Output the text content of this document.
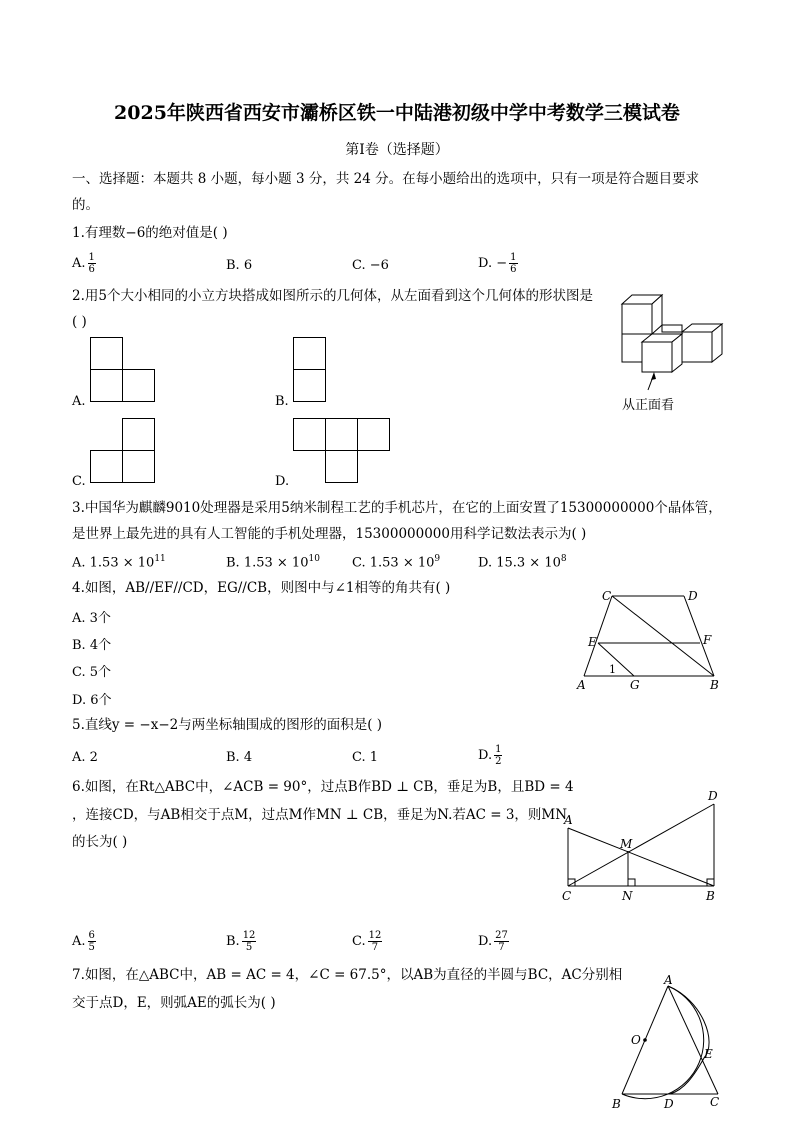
2025年陕西省西安市灞桥区铁一中陆港初级中学中考数学三模试卷
第I卷（选择题）
一、选择题：本题共 8 小题，每小题 3 分，共 24 分。在每小题给出的选项中，只有一项是符合题目要求
的。
1.有理数−6的绝对值是( )
A. $\frac{1}{6}$	B. 6	C. −6	D. − $\frac{1}{6}$
2.用5个大小相同的小立方块搭成如图所示的几何体，从左面看到这个几何体的形状图是
( )
A.	B.
C.	D.
从正面看
3.中国华为麒麟9010处理器是采用5纳米制程工艺的手机芯片，在它的上面安置了15300000000个晶体管，
是世界上最先进的具有人工智能的手机处理器，15300000000用科学记数法表示为( )
A. $1.53 \times 10^{11}$	B. $1.53 \times 10^{10}$ C. $1.53 \times 10^9$	D. $15.3 \times 10^8$
4.如图，AB//EF//CD，EG//CB，则图中与∠1相等的角共有( )
A. 3个
B. 4个
C. 5个
D. 6个
C	D
E	F
A	G	B
1
5.直线y = −x−2与两坐标轴围成的图形的面积是( )
A. 2	B. 4	C. 1	D. $\frac{1}{2}$
6.如图，在Rt△ABC中，∠ACB = 90°，过点B作BD ⊥ CB，垂足为B，且BD = 4
，连接CD，与AB相交于点M，过点M作MN ⊥ CB，垂足为N.若AC = 3，则MN
的长为( )
A
D
M
C	N	B
A. $\frac{6}{5}$	B. $\frac{12}{5}$	C. $\frac{12}{7}$	D. $\frac{27}{7}$
7.如图，在△ABC中，AB = AC = 4，∠C = 67.5°，以AB为直径的半圆与BC，AC分别相
交于点D，E，则弧AE的弧长为( )
A
O
E
B	D	C
